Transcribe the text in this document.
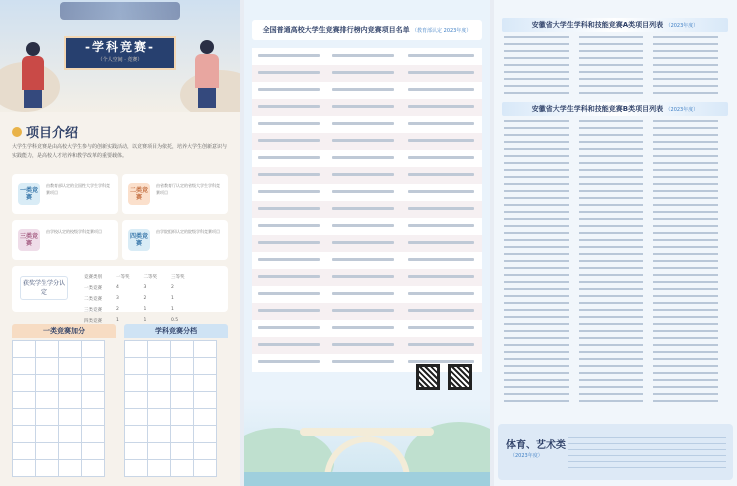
-学科竞赛-
（个人空间 · 竞赛）
项目介绍
大学生学科竞赛是由高校大学生参与的创新实践活动，以竞赛项目为依托，培养大学生创新意识与实践能力，是高校人才培养和教学改革的重要载体。
一类竞赛
由教育部认定的全国性大学生学科竞赛项目	二类竞赛
由省教育厅认定的省级大学生学科竞赛项目
三类竞赛
由学校认定的校级学科竞赛项目
四类竞赛
由学院组织认定的院级学科竞赛项目
获奖学生学分认定
竞赛类别	一等奖	二等奖	三等奖
一类竞赛	4	3	2
二类竞赛	3	2	1
三类竞赛	2	1	1
四类竞赛	1	1	0.5
一类竞赛加分	学科竞赛分档

全国普通高校大学生竞赛排行榜内竞赛项目名单 （教育部认定 2023年度）
安徽省大学生学科和技能竞赛A类项目列表 （2023年度）
安徽省大学生学科和技能竞赛B类项目列表 （2023年度）
体育、艺术类
（2023年度）
